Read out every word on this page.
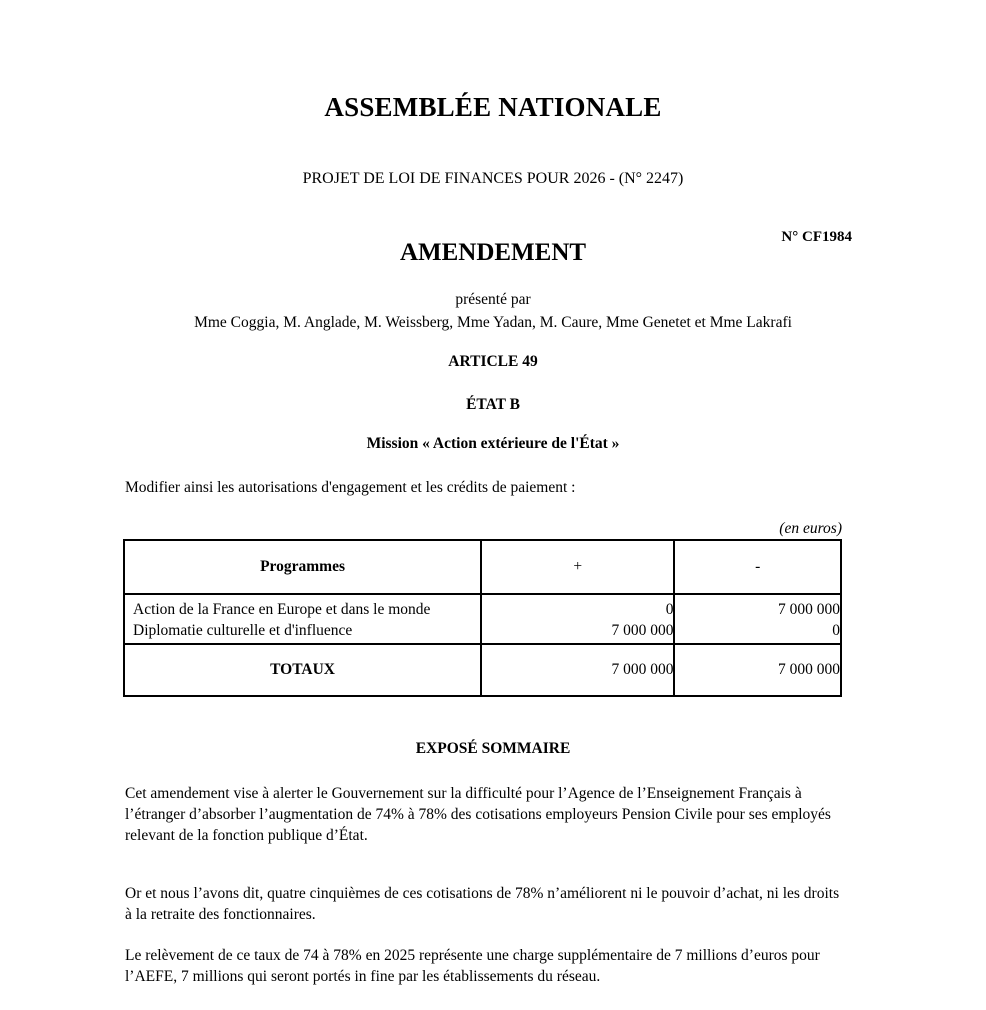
ASSEMBLÉE NATIONALE
PROJET DE LOI DE FINANCES POUR 2026 - (N° 2247)
N° CF1984
AMENDEMENT
présenté par
Mme Coggia, M. Anglade, M. Weissberg, Mme Yadan, M. Caure, Mme Genetet et Mme Lakrafi
ARTICLE 49
ÉTAT B
Mission « Action extérieure de l'État »
Modifier ainsi les autorisations d'engagement et les crédits de paiement :
(en euros)
Programmes	+	-
Action de la France en Europe et dans le monde	0	7 000 000
Diplomatie culturelle et d'influence	7 000 000	0
TOTAUX	7 000 000	7 000 000
EXPOSÉ SOMMAIRE
Cet amendement vise à alerter le Gouvernement sur la difficulté pour l’Agence de l’Enseignement Français à l’étranger d’absorber l’augmentation de 74% à 78% des cotisations employeurs Pension Civile pour ses employés relevant de la fonction publique d’État.
Or et nous l’avons dit, quatre cinquièmes de ces cotisations de 78% n’améliorent ni le pouvoir d’achat, ni les droits à la retraite des fonctionnaires.
Le relèvement de ce taux de 74 à 78% en 2025 représente une charge supplémentaire de 7 millions d’euros pour l’AEFE, 7 millions qui seront portés in fine par les établissements du réseau.
